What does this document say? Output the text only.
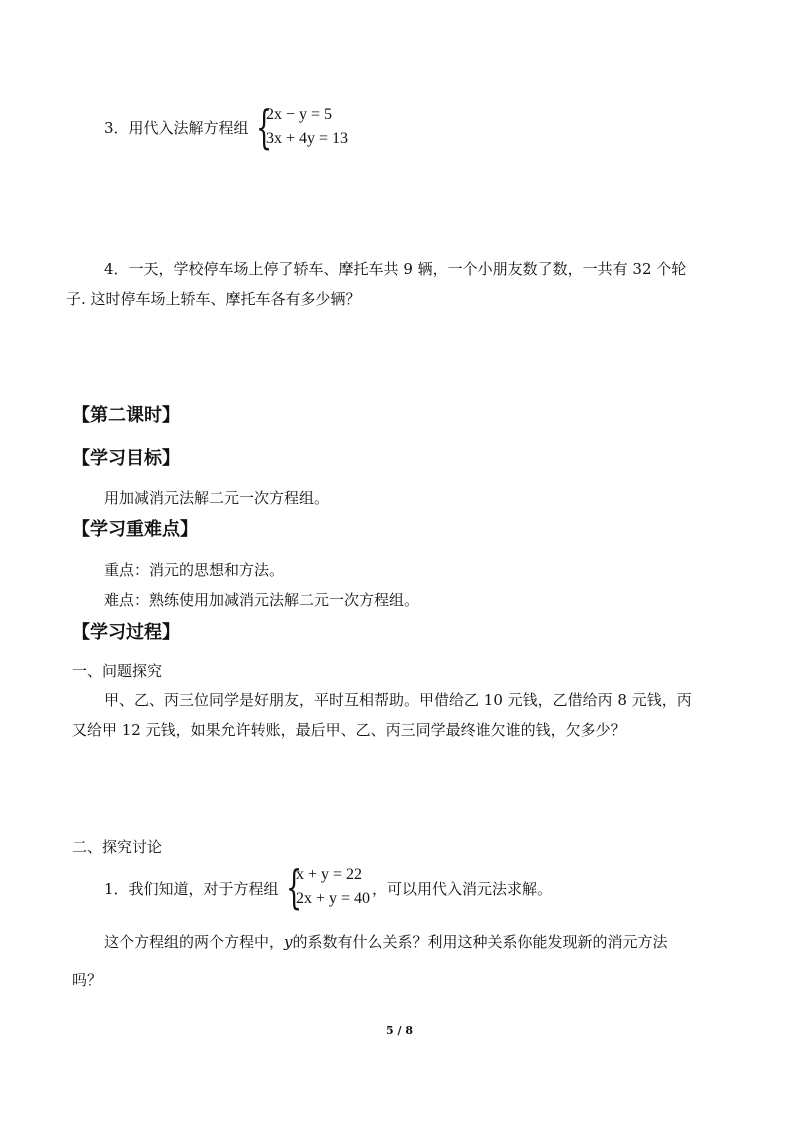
3．用代入法解方程组 {
2x − y = 5
3x + 4y = 13
4．一天，学校停车场上停了轿车、摩托车共 9 辆，一个小朋友数了数，一共有 32 个轮
子. 这时停车场上轿车、摩托车各有多少辆？
【第二课时】
【学习目标】
用加减消元法解二元一次方程组。
【学习重难点】
重点：消元的思想和方法。
难点：熟练使用加减消元法解二元一次方程组。
【学习过程】
一、问题探究
甲、乙、丙三位同学是好朋友，平时互相帮助。甲借给乙 10 元钱，乙借给丙 8 元钱，丙
又给甲 12 元钱，如果允许转账，最后甲、乙、丙三同学最终谁欠谁的钱，欠多少？
二、探究讨论
1．我们知道，对于方程组 {
x + y = 22
2x + y = 40
，可以用代入消元法求解。
这个方程组的两个方程中，y的系数有什么关系？利用这种关系你能发现新的消元方法
吗？
5 / 8
